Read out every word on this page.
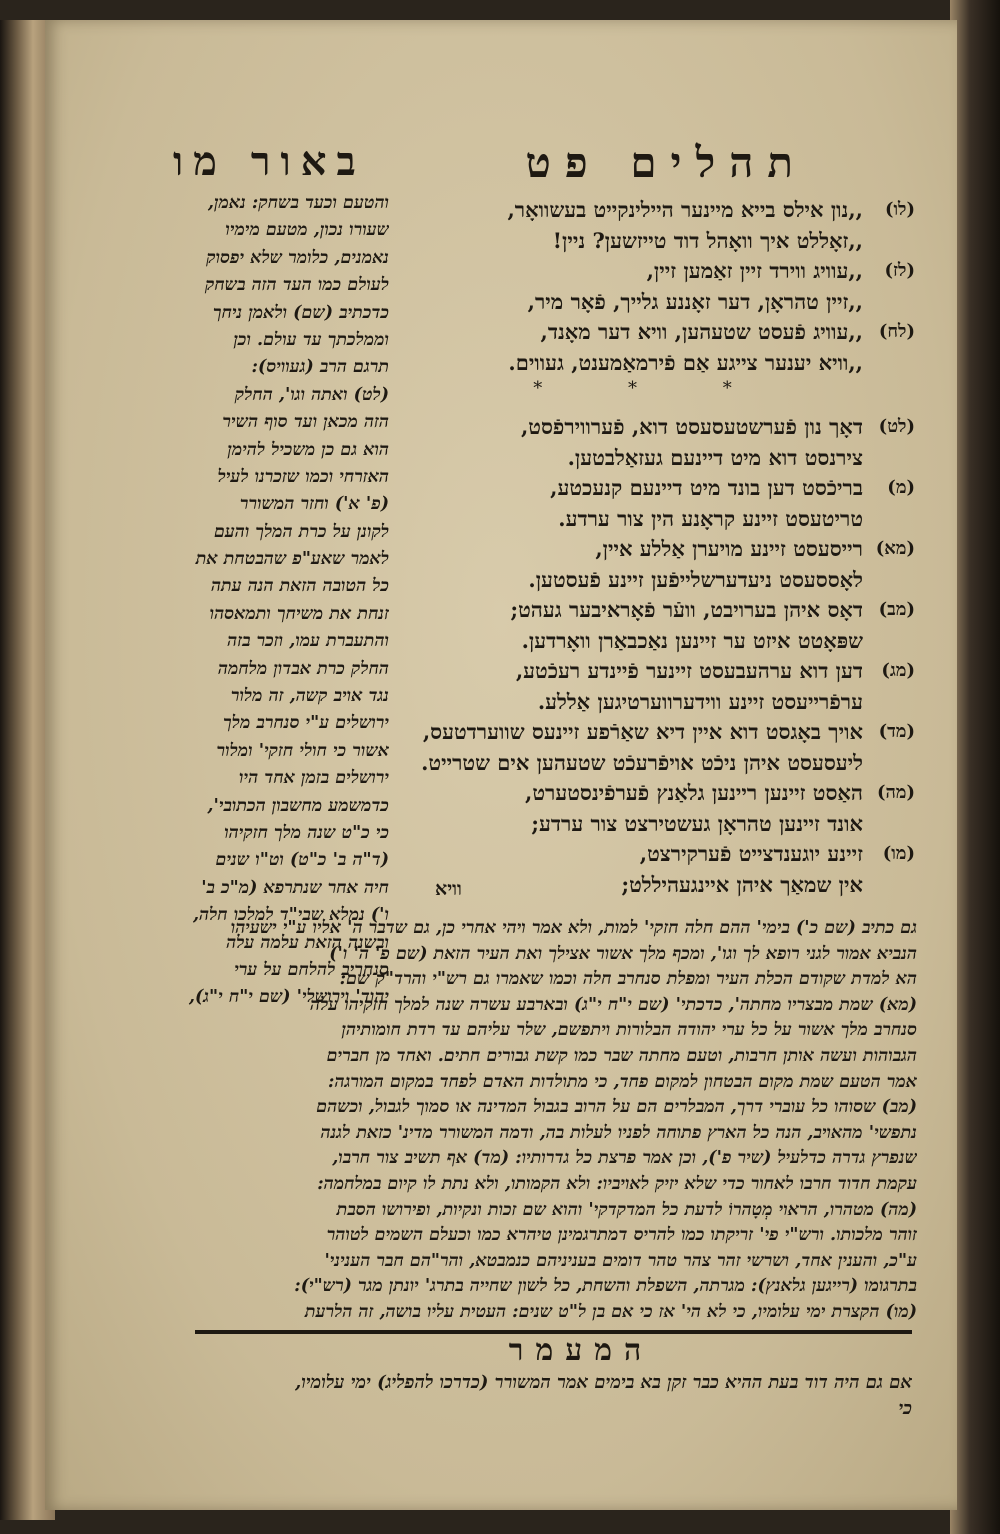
תהלים פט
באור מו
(לו)
,,נון אילס בייא מיינער היילינקייט בעשוואָר,
,,זאָללט איך וואָהל דוד טייזשען? ניין!
(לז)
,,עוויג ווירד זיין זאַמען זיין,
,,זיין טהראָן, דער זאָננע גלייך, פֿאָר מיר,
(לח)
,,עוויג פֿעסט שטעהען, וויא דער מאָנד,
,,וויא יענער צייגע אַם פֿירמאַמענט, געווים.
* * *
(לט)
דאָך נון פֿערשטעסעסט דוא, פֿערווירפֿסט,
צירנסט דוא מיט דיינעם געזאַלבטען.
(מ)
בריכֿסט דען בונד מיט דיינעם קנעכטע,
טריטעסט זיינע קראָנע הין צור ערדע.
(מא)
רייסעסט זיינע מויערן אַללע איין,
לאָססעסט ניעדערשלייפֿען זיינע פֿעסטען.
(מב)
דאָס איהן בערויבט, וועֿר פֿאָראיבער געהט;
שפּאָטט איזט ער זיינען נאַכבאַרן וואָרדען.
(מג)
דען דוא ערהעבעסט זיינער פֿיינדע רעכֿטע,
ערפֿרייעסט זיינע ווידערווערטיגען אַללע.
(מד)
אויך באָגסט דוא איין דיא שאַרֿפע זיינעס שווערדטעס,
ליעסעסט איהן ניכֿט אויפֿרעכֿט שטעהען אים שטרייט.
(מה)
האַסט זיינען ריינען גלאַנץ פֿערפֿינסטערט,
אונד זיינען טהראָן געשטירצט צור ערדע;
(מו)
זיינע יוגענדצייט פֿערקירצט,
אין שמאַך איהן איינגעהיללט;
והטעם וכעד בשחק: נאמן,
שעורו נכון, מטעם מימיו
נאמנים, כלומר שלא יפסוק
לעולם כמו העד הזה בשחק
כדכתיב (שם) ולאמן ניחך
וממלכתך עד עולם. וכן
תרגם הרב (געוויס):
(לט) ואתה וגו', החלק
הזה מכאן ועד סוף השיר
הוא גם כן משכיל להימן
האזרחי וכמו שזכרנו לעיל
(פ' א') וחזר המשורר
לקונן על כרת המלך והעם
לאמר שאע"פ שהבטחת את
כל הטובה הזאת הנה עתה
זנחת את משיחך ותמאסהו
והתעברת עמו, וזכר בזה
החלק כרת אבדון מלחמה
נגד אויב קשה, זה מלור
ירושלים ע"י סנחרב מלך
אשור כי חולי חזקי' ומלור
ירושלים בזמן אחד היו
כדמשמע מחשבון הכתובי',
כי כ"ט שנה מלך חזקיהו
(ד"ה ב' כ"ט) וט"ו שנים
חיה אחר שנתרפא (מ"כ ב'
ו') נמלא שבי"ד למלכו חלה,
ובשנה הזאת עלמה עלה
סנחריב להלחם על ערי
יהוד' וירושלי' (שם י"ח י"ג),
וויא
גם כתיב (שם כ') בימי' ההם חלה חזקי' למות, ולא אמר ויהי אחרי כן, גם שדבר ה' אליו ע"י ישעיהו
הנביא אמור לגני רופא לך וגו', ומכף מלך אשור אצילך ואת העיר הזאת (שם פ' ה' ו')
הא למדת שקודם הכלת העיר ומפלת סנחרב חלה וכמו שאמרו גם רש"י והרד"ק שם:
(מא) שמת מבצריו מחתה', כדכתי' (שם י"ח י"ג) ובארבע עשרה שנה למלך חזקיהו עלה
סנחרב מלך אשור על כל ערי יהודה הבלורות ויתפשם, שלר עליהם עד רדת חומותיהן
הגבוהות ועשה אותן חרבות, וטעם מחתה שבר כמו קשת גבורים חתים. ואחד מן חברים
אמר הטעם שמת מקום הבטחון למקום פחד, כי מתולדות האדם לפחד במקום המורגה:
(מב) שסוהו כל עוברי דרך, המבלרים הם על הרוב בגבול המדינה או סמוך לגבול, וכשהם
נתפשי' מהאויב, הנה כל הארץ פתוחה לפניו לעלות בה, ודמה המשורר מדינ' כזאת לגנה
שנפרץ גדרה כדלעיל (שיר פ'), וכן אמר פרצת כל גדרותיו: (מד) אף תשיב צור חרבו,
עקמת חדוד חרבו לאחור כדי שלא יזיק לאויביו: ולא הקמותו, ולא נתת לו קיום במלחמה:
(מה) מטהרו, הראוי מְטָהרוֹ לדעת כל המדקדקי' והוא שם זכות ונקיות, ופירושו הסבת
זוהר מלכותו. ורש"י פי' זריקתו כמו להריס דמתרגמינן טיהרא כמו וכעלם השמים לטוהר
ע"כ, והענין אחד, ושרשי זהר צהר טהר דומים בעניניהם כנמבטא, והר"הם חבר העניני'
בתרגומו (רייגען גלאנץ): מגרתה, השפלת והשחת, כל לשון שחייה בתרג' יונתן מגר (רש"י):
(מו) הקצרת ימי עלומיו, כי לא הי' אז כי אם בן ל"ט שנים: העטית עליו בושה, זה הלרעת
המעמר
אם גם היה דוד בעת ההיא כבר זקן בא בימים אמר המשורר (כדרכו להפליג) ימי עלומיו,
כי
